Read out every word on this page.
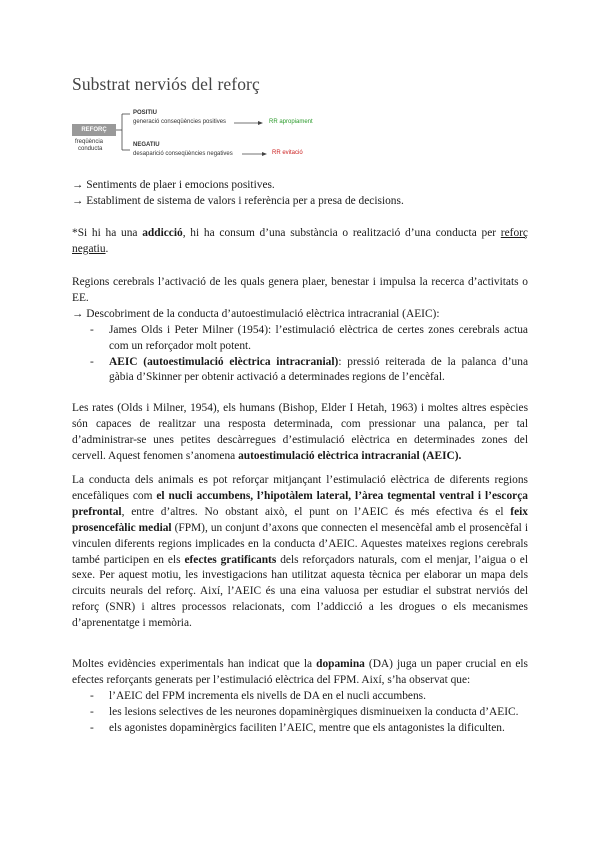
Substrat nerviós del reforç
REFORÇ
freqüència
conducta
POSITIU
generació conseqüències positives	RR apropiament
NEGATIU
desaparició conseqüències negatives	RR evitació

→ Sentiments de plaer i emocions positives.

→ Establiment de sistema de valors i referència per a presa de decisions.

*Si hi ha una addicció, hi ha consum d’una substància o realització d’una conducta per reforç negatiu.

Regions cerebrals l’activació de les quals genera plaer, benestar i impulsa la recerca d’activitats o EE.

→ Descobriment de la conducta d’autoestimulació elèctrica intracranial (AEIC):

- James Olds i Peter Milner (1954): l’estimulació elèctrica de certes zones cerebrals actua com un reforçador molt potent.
- AEIC (autoestimulació elèctrica intracranial): pressió reiterada de la palanca d’una gàbia d’Skinner per obtenir activació a determinades regions de l’encèfal.

Les rates (Olds i Milner, 1954), els humans (Bishop, Elder I Hetah, 1963) i moltes altres espècies són capaces de realitzar una resposta determinada, com pressionar una palanca, per tal d’administrar-se unes petites descàrregues d’estimulació elèctrica en determinades zones del cervell. Aquest fenomen s’anomena autoestimulació elèctrica intracranial (AEIC).

La conducta dels animals es pot reforçar mitjançant l’estimulació elèctrica de diferents regions encefàliques com el nucli accumbens, l’hipotàlem lateral, l’àrea tegmental ventral i l’escorça prefrontal, entre d’altres. No obstant això, el punt on l’AEIC és més efectiva és el feix prosencefàlic medial (FPM), un conjunt d’axons que connecten el mesencèfal amb el prosencèfal i vinculen diferents regions implicades en la conducta d’AEIC. Aquestes mateixes regions cerebrals també participen en els efectes gratificants dels reforçadors naturals, com el menjar, l’aigua o el sexe. Per aquest motiu, les investigacions han utilitzat aquesta tècnica per elaborar un mapa dels circuits neurals del reforç. Així, l’AEIC és una eina valuosa per estudiar el substrat nerviós del reforç (SNR) i altres processos relacionats, com l’addicció a les drogues o els mecanismes d’aprenentatge i memòria.

Moltes evidències experimentals han indicat que la dopamina (DA) juga un paper crucial en els efectes reforçants generats per l’estimulació elèctrica del FPM. Així, s’ha observat que:

- l’AEIC del FPM incrementa els nivells de DA en el nucli accumbens.
- les lesions selectives de les neurones dopaminèrgiques disminueixen la conducta d’AEIC.
- els agonistes dopaminèrgics faciliten l’AEIC, mentre que els antagonistes la dificulten.
